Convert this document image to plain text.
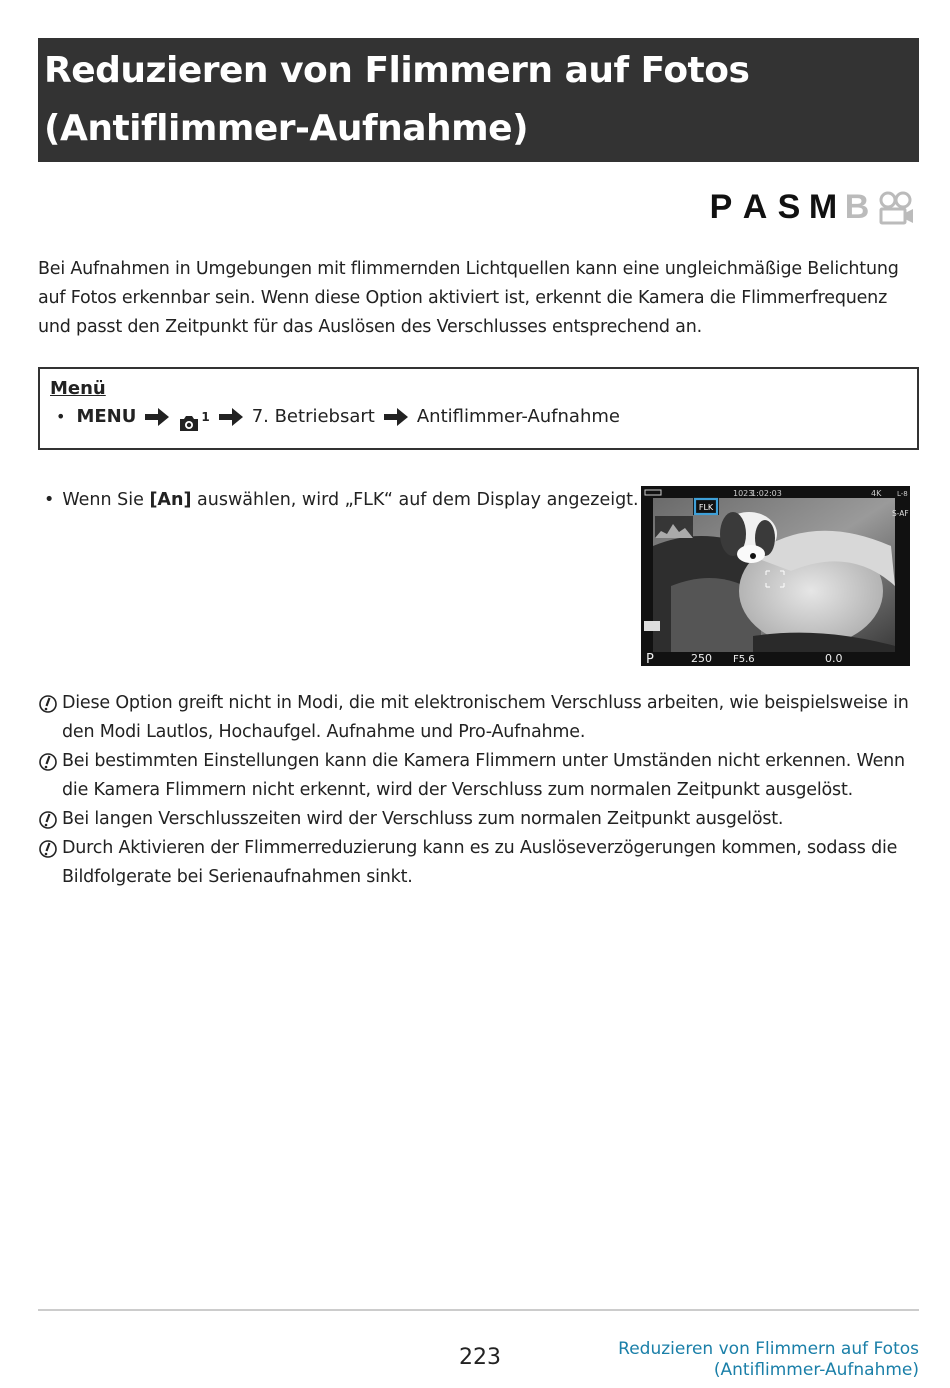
Reduzieren von Flimmern auf Fotos
(Antiflimmer-Aufnahme)
P A S M B

Bei Aufnahmen in Umgebungen mit flimmernden Lichtquellen kann eine ungleichmäßige Belichtung auf Fotos erkennbar sein. Wenn diese Option aktiviert ist, erkennt die Kamera die Flimmerfrequenz und passt den Zeitpunkt für das Auslösen des Verschlusses entsprechend an.

Menü
• MENU	$^1$ 7. Betriebsart Antiflimmer-Aufnahme
• Wenn Sie [An] auswählen, wird „FLK“ auf dem Display angezeigt.	FLK
1023
1:02:03	4K L-8
S-AF
P	250 F5.6	0.0
Diese Option greift nicht in Modi, die mit elektronischem Verschluss arbeiten, wie beispielsweise in den Modi Lautlos, Hochaufgel. Aufnahme und Pro-Aufnahme.
Bei bestimmten Einstellungen kann die Kamera Flimmern unter Umständen nicht erkennen. Wenn die Kamera Flimmern nicht erkennt, wird der Verschluss zum normalen Zeitpunkt ausgelöst.
Bei langen Verschlusszeiten wird der Verschluss zum normalen Zeitpunkt ausgelöst.
Durch Aktivieren der Flimmerreduzierung kann es zu Auslöseverzögerungen kommen, sodass die Bildfolgerate bei Serienaufnahmen sinkt.
223	Reduzieren von Flimmern auf Fotos (Antiflimmer-Aufnahme)
